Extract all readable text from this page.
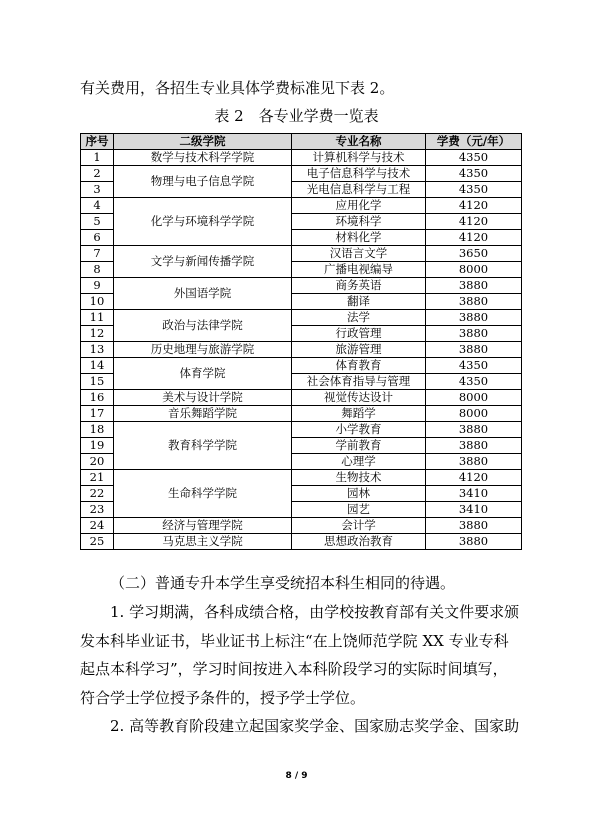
有关费用，各招生专业具体学费标准见下表 2。
表 2　各专业学费一览表
序号	二级学院	专业名称	学费（元/年）
1	数学与技术科学学院	计算机科学与技术	4350
2	物理与电子信息学院	电子信息科学与技术	4350
3		光电信息科学与工程	4350
4	化学与环境科学学院	应用化学	4120
5		环境科学	4120
6		材料化学	4120
7	文学与新闻传播学院	汉语言文学	3650
8		广播电视编导	8000
9	外国语学院	商务英语	3880
10		翻译	3880
11	政治与法律学院	法学	3880
12		行政管理	3880
13	历史地理与旅游学院	旅游管理	3880
14	体育学院	体育教育	4350
15		社会体育指导与管理	4350
16	美术与设计学院	视觉传达设计	8000
17	音乐舞蹈学院	舞蹈学	8000
18	教育科学学院	小学教育	3880
19		学前教育	3880
20		心理学	3880
21	生命科学学院	生物技术	4120
22		园林	3410
23		园艺	3410
24	经济与管理学院	会计学	3880
25	马克思主义学院	思想政治教育	3880
（二）普通专升本学生享受统招本科生相同的待遇。
1. 学习期满，各科成绩合格，由学校按教育部有关文件要求颁发本科毕业证书，毕业证书上标注“在上饶师范学院 XX 专业专科起点本科学习”，学习时间按进入本科阶段学习的实际时间填写，符合学士学位授予条件的，授予学士学位。
2. 高等教育阶段建立起国家奖学金、国家励志奖学金、国家助
8 / 9
